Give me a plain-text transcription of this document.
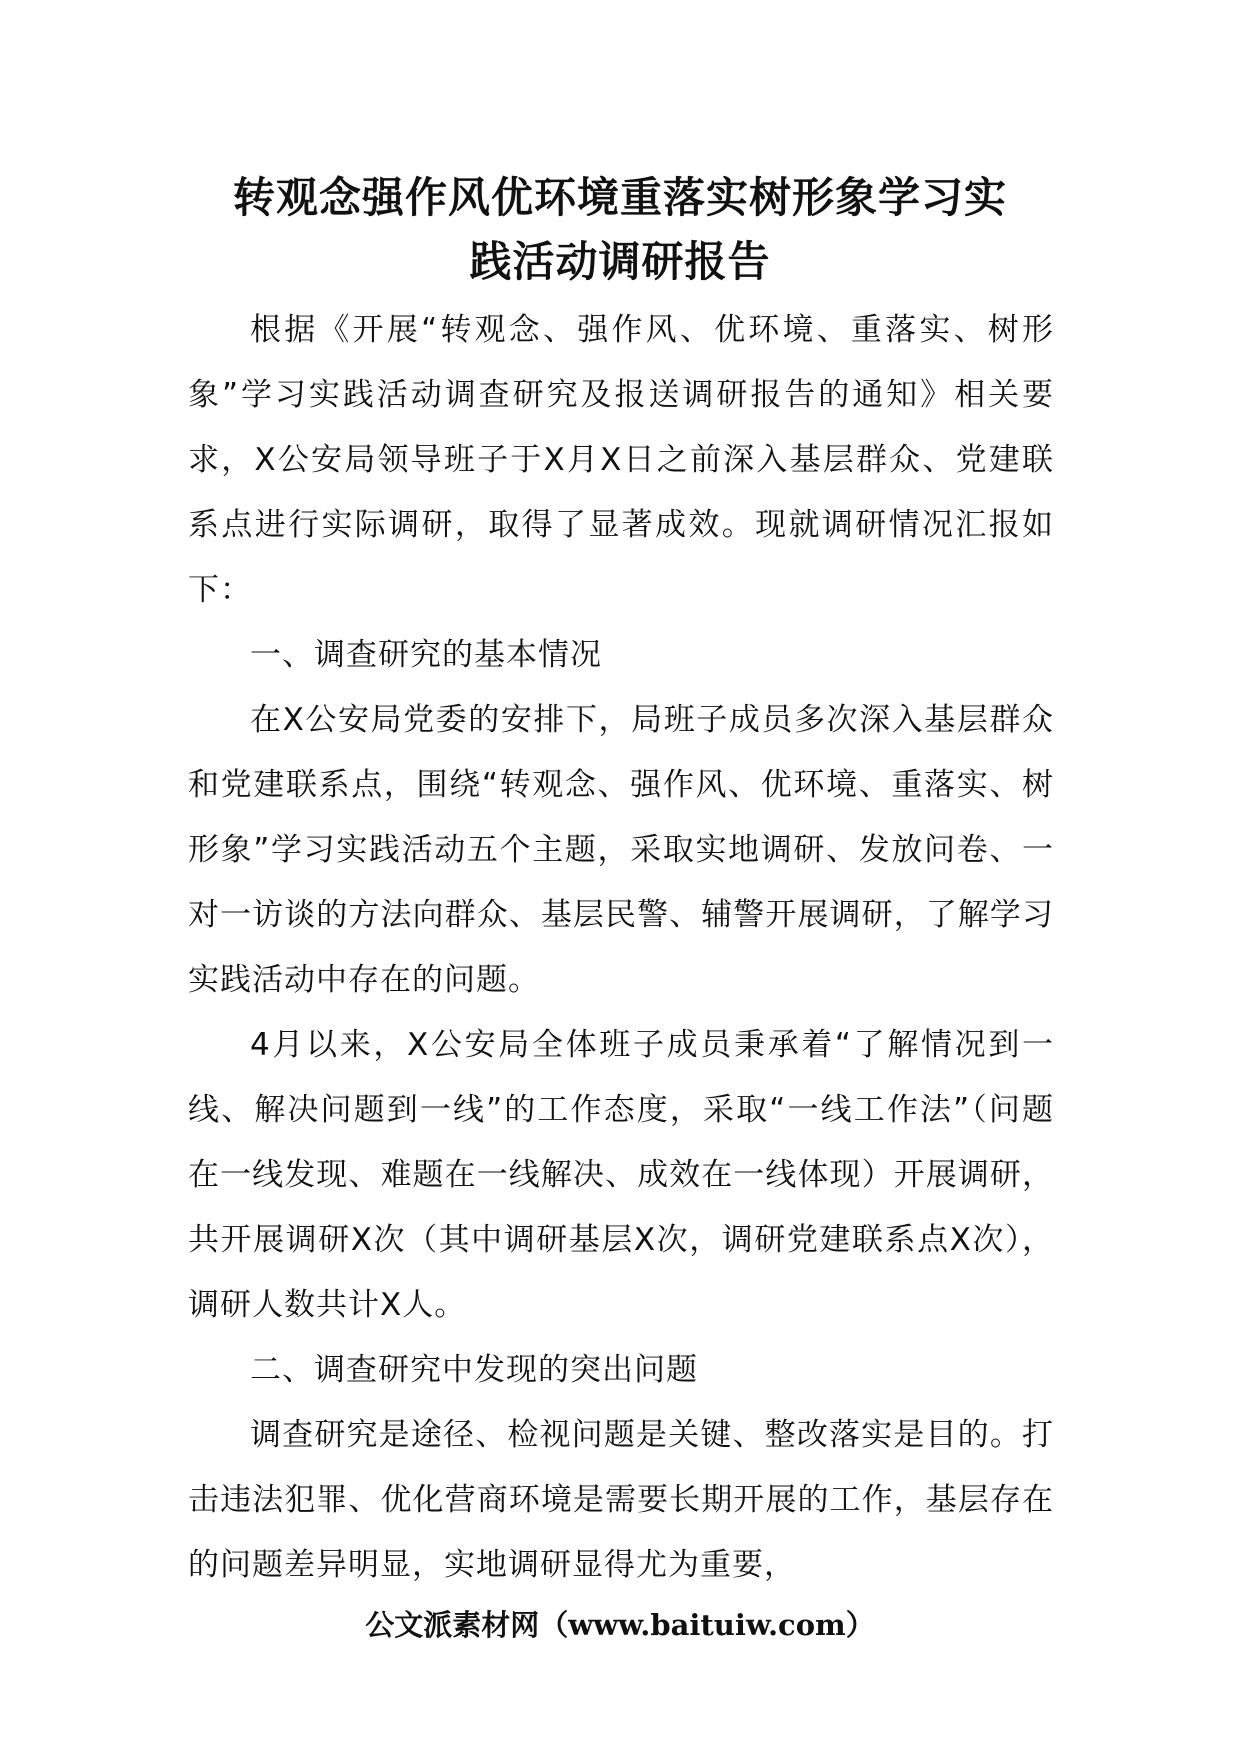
转观念强作风优环境重落实树形象学习实
践活动调研报告

根据《开展“转观念、强作风、优环境、重落实、树形象”学习实践活动调查研究及报送调研报告的通知》相关要求，X公安局领导班子于X月X日之前深入基层群众、党建联系点进行实际调研，取得了显著成效。现就调研情况汇报如下：

一、调查研究的基本情况

在X公安局党委的安排下，局班子成员多次深入基层群众和党建联系点，围绕“转观念、强作风、优环境、重落实、树形象”学习实践活动五个主题，采取实地调研、发放问卷、一对一访谈的方法向群众、基层民警、辅警开展调研，了解学习实践活动中存在的问题。

4月以来，X公安局全体班子成员秉承着“了解情况到一线、解决问题到一线”的工作态度，采取“一线工作法”（问题在一线发现、难题在一线解决、成效在一线体现）开展调研，共开展调研X次（其中调研基层X次，调研党建联系点X次），调研人数共计X人。

二、调查研究中发现的突出问题

调查研究是途径、检视问题是关键、整改落实是目的。打击违法犯罪、优化营商环境是需要长期开展的工作，基层存在的问题差异明显，实地调研显得尤为重要，

公文派素材网（www.baituiw.com）
